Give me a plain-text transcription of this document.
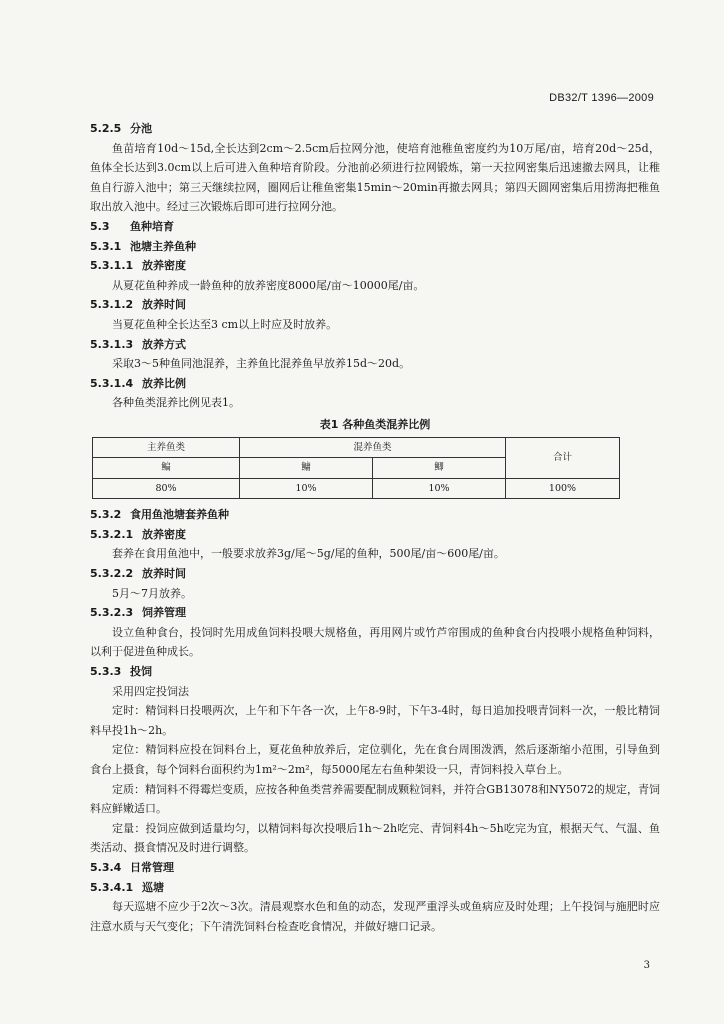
DB32/T 1396—2009
5.2.5 分池

鱼苗培育10d～15d,全长达到2cm～2.5cm后拉网分池，使培育池稚鱼密度约为10万尾/亩，培育20d～25d，鱼体全长达到3.0cm以上后可进入鱼种培育阶段。分池前必须进行拉网锻炼，第一天拉网密集后迅速撤去网具，让稚鱼自行游入池中；第三天继续拉网，圈网后让稚鱼密集15min～20min再撤去网具；第四天圆网密集后用捞海把稚鱼取出放入池中。经过三次锻炼后即可进行拉网分池。

5.3 鱼种培育
5.3.1 池塘主养鱼种
5.3.1.1 放养密度

从夏花鱼种养成一龄鱼种的放养密度8000尾/亩～10000尾/亩。

5.3.1.2 放养时间

当夏花鱼种全长达至3 cm以上时应及时放养。

5.3.1.3 放养方式

采取3～5种鱼同池混养，主养鱼比混养鱼早放养15d～20d。

5.3.1.4 放养比例

各种鱼类混养比例见表1。

表1 各种鱼类混养比例
主养鱼类	混养鱼类		合计
鳊	鳙	鲫	
80%	10%	10%	100%
5.3.2 食用鱼池塘套养鱼种
5.3.2.1 放养密度

套养在食用鱼池中，一般要求放养3g/尾～5g/尾的鱼种，500尾/亩～600尾/亩。

5.3.2.2 放养时间

5月～7月放养。

5.3.2.3 饲养管理

设立鱼种食台，投饲时先用成鱼饲料投喂大规格鱼，再用网片或竹芦帘围成的鱼种食台内投喂小规格鱼种饲料，以利于促进鱼种成长。

5.3.3 投饲

采用四定投饲法

定时：精饲料日投喂两次，上午和下午各一次，上午8-9时，下午3-4时，每日追加投喂青饲料一次，一般比精饲料早投1h～2h。

定位：精饲料应投在饲料台上，夏花鱼种放养后，定位驯化，先在食台周围泼洒，然后逐渐缩小范围，引导鱼到食台上摄食，每个饲料台面积约为1m²～2m²，每5000尾左右鱼种架设一只，青饲料投入草台上。

定质：精饲料不得霉烂变质，应按各种鱼类营养需要配制成颗粒饲料，并符合GB13078和NY5072的规定，青饲料应鲜嫩适口。

定量：投饲应做到适量均匀，以精饲料每次投喂后1h～2h吃完、青饲料4h～5h吃完为宜，根据天气、气温、鱼类活动、摄食情况及时进行调整。

5.3.4 日常管理
5.3.4.1 巡塘

每天巡塘不应少于2次～3次。清晨观察水色和鱼的动态，发现严重浮头或鱼病应及时处理；上午投饲与施肥时应注意水质与天气变化；下午清洗饲料台检查吃食情况，并做好塘口记录。

3
